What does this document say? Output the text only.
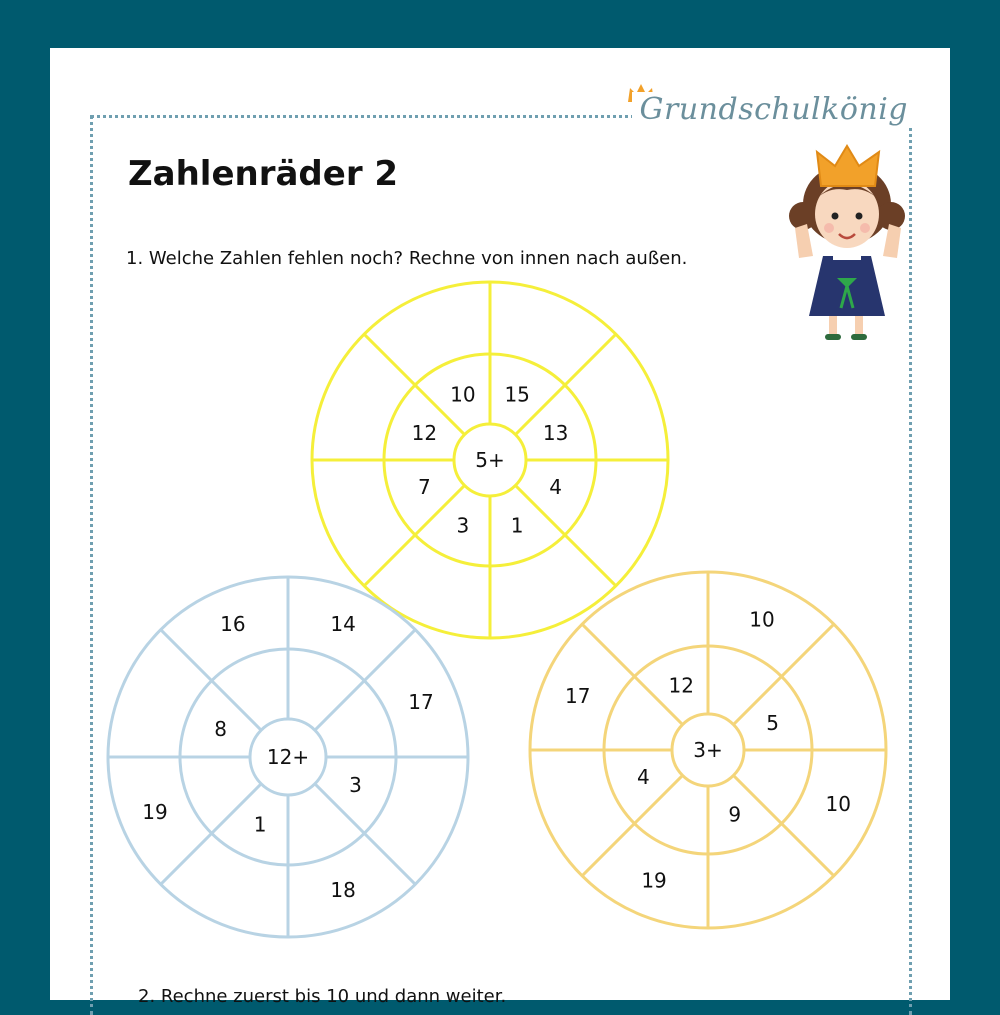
Grundschulkönig
Zahlenräder 2
1. Welche Zahlen fehlen noch? Rechne von innen nach außen.
2. Rechne zuerst bis 10 und dann weiter.
5+
15
13
4
1
3
7
12
10
12+
14
17
3
18
1
19
8
16
3+
10
5
10
9
19
4
17	12
